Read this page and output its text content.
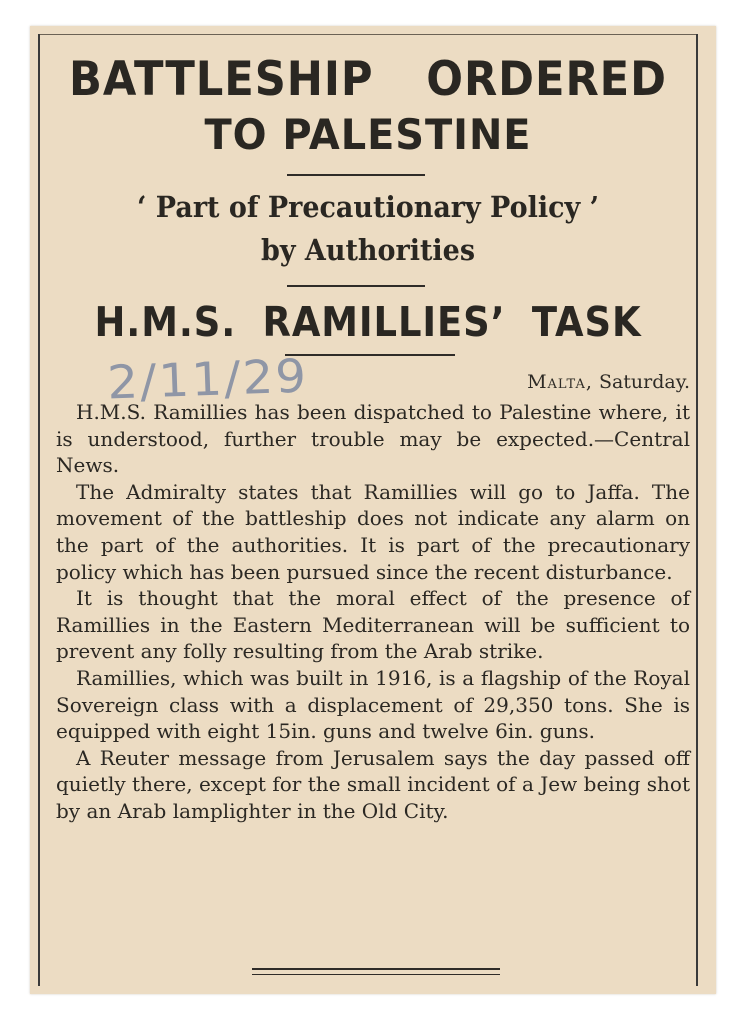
BATTLESHIP ORDERED
TO PALESTINE
‘ Part of Precautionary Policy ’
by Authorities
H.M.S. RAMILLIES’ TASK
2/11/29	Malta, Saturday.

H.M.S. Ramillies has been dispatched to Palestine where, it is understood, further trouble may be expected.—Central News.

The Admiralty states that Ramillies will go to Jaffa. The movement of the battleship does not indicate any alarm on the part of the authorities. It is part of the precautionary policy which has been pursued since the recent disturbance.

It is thought that the moral effect of the presence of Ramillies in the Eastern Mediterranean will be sufficient to prevent any folly resulting from the Arab strike.

Ramillies, which was built in 1916, is a flagship of the Royal Sovereign class with a displacement of 29,350 tons. She is equipped with eight 15in. guns and twelve 6in. guns.

A Reuter message from Jerusalem says the day passed off quietly there, except for the small incident of a Jew being shot by an Arab lamplighter in the Old City.
